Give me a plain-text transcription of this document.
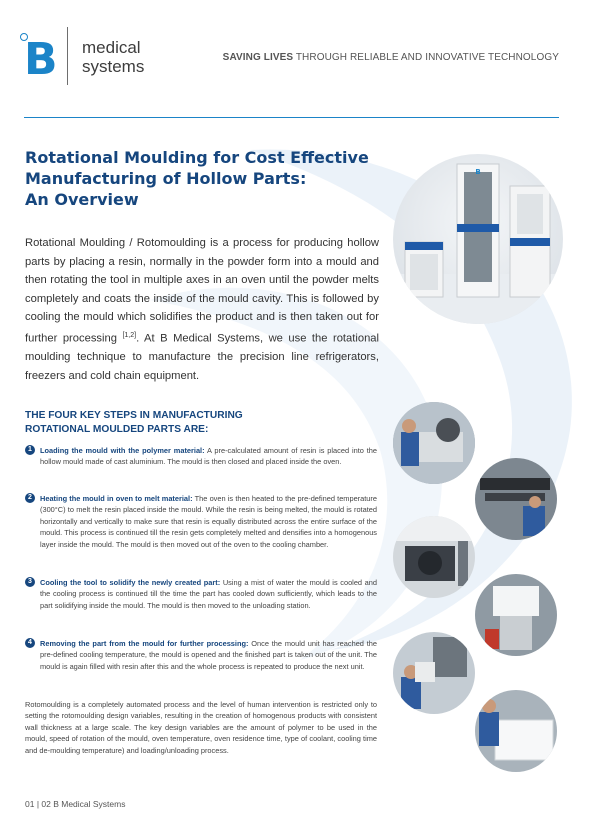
B medical
systems	SAVING LIVES THROUGH RELIABLE AND INNOVATIVE TECHNOLOGY
Rotational Moulding for Cost Effective
Manufacturing of Hollow Parts:
An Overview
Rotational Moulding / Rotomoulding is a process for producing hollow parts by placing a resin, normally in the powder form into a mould and then rotating the tool in multiple axes in an oven until the powder melts completely and coats the inside of the mould cavity. This is followed by cooling the mould which solidifies the product and is then taken out for further processing [1,2]. At B Medical Systems, we use the rotational moulding technique to manufacture the precision line refrigerators, freezers and cold chain equipment.
B
THE FOUR KEY STEPS IN MANUFACTURING
ROTATIONAL MOULDED PARTS ARE:
1	Loading the mould with the polymer material: A pre-calculated amount of resin is placed into the hollow mould made of cast aluminium. The mould is then closed and placed inside the oven.
2	Heating the mould in oven to melt material: The oven is then heated to the pre-defined temperature (300°C) to melt the resin placed inside the mould. While the resin is being melted, the mould is rotated horizontally and vertically to make sure that resin is equally distributed across the entire surface of the mould. This process is continued till the resin gets completely melted and densifies into a homogenous layer inside the mould. The mould is then moved out of the oven to the cooling chamber.
3	Cooling the tool to solidify the newly created part: Using a mist of water the mould is cooled and the cooling process is continued till the time the part has cooled down sufficiently, which leads to the part solidifying inside the mould. The mould is then moved to the unloading station.
4	Removing the part from the mould for further processing: Once the mould unit has reached the pre-defined cooling temperature, the mould is opened and the finished part is taken out of the unit. The mould is again filled with resin after this and the whole process is repeated to produce the next unit.
Rotomoulding is a completely automated process and the level of human intervention is restricted only to setting the rotomoulding design variables, resulting in the creation of homogenous products with consistent wall thickness at a large scale. The key design variables are the amount of polymer to be used in the mould, speed of rotation of the mould, oven temperature, oven residence time, type of coolant, cooling time and de-moulding temperature) and loading/unloading process.
01 | 02 B Medical Systems
